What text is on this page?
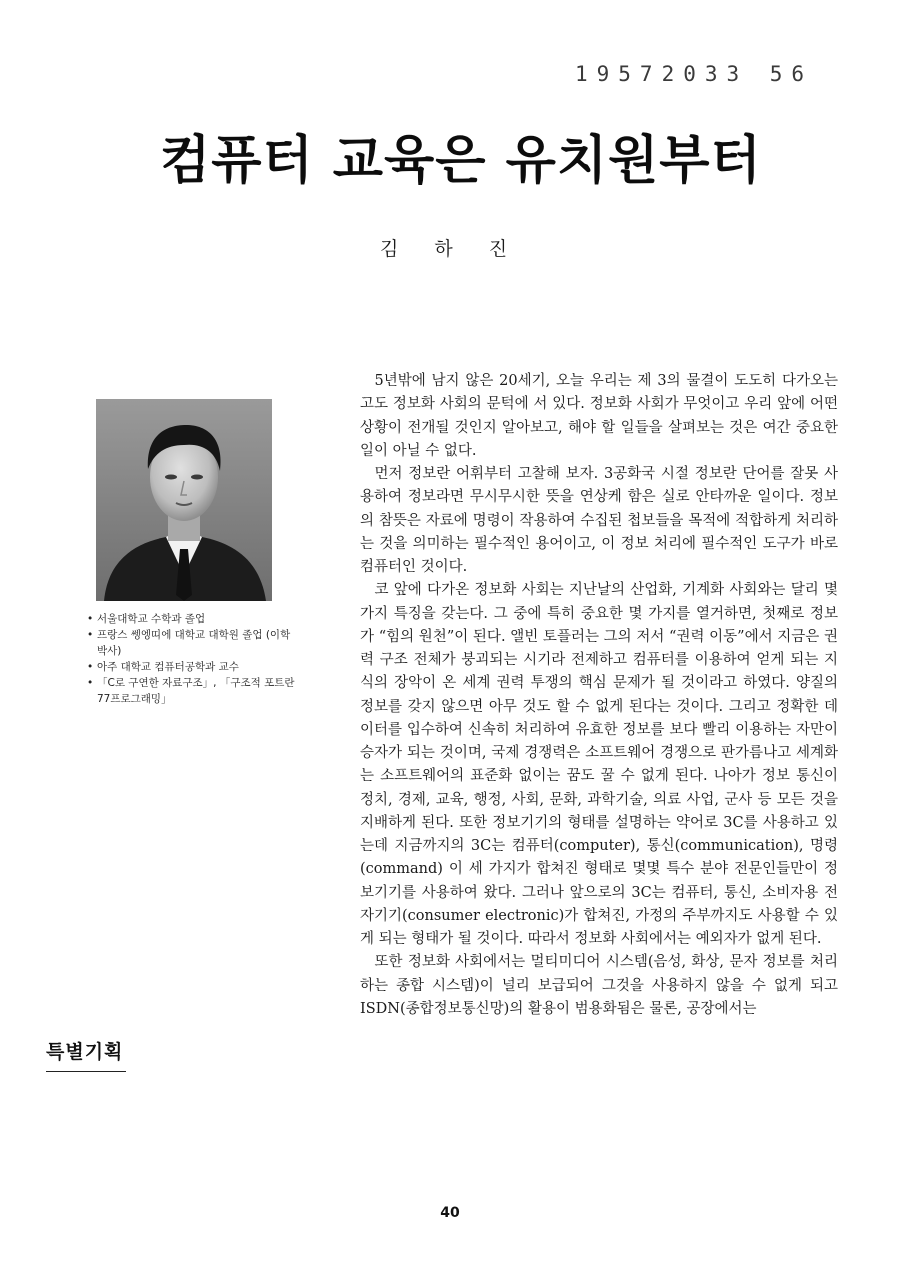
19572033 56
컴퓨터 교육은 유치원부터
김 하 진
• 서울대학교 수학과 졸업
• 프랑스 쎙엥띠에 대학교 대학원 졸업 (이학박사)
• 아주 대학교 컴퓨터공학과 교수
• 「C로 구연한 자료구조」, 「구조적 포트란 77프로그래밍」
특별기획

5년밖에 남지 않은 20세기, 오늘 우리는 제 3의 물결이 도도히 다가오는 고도 정보화 사회의 문턱에 서 있다. 정보화 사회가 무엇이고 우리 앞에 어떤 상황이 전개될 것인지 알아보고, 해야 할 일들을 살펴보는 것은 여간 중요한 일이 아닐 수 없다.

먼저 정보란 어휘부터 고찰해 보자. 3공화국 시절 정보란 단어를 잘못 사용하여 정보라면 무시무시한 뜻을 연상케 함은 실로 안타까운 일이다. 정보의 참뜻은 자료에 명령이 작용하여 수집된 첩보들을 목적에 적합하게 처리하는 것을 의미하는 필수적인 용어이고, 이 정보 처리에 필수적인 도구가 바로 컴퓨터인 것이다.

코 앞에 다가온 정보화 사회는 지난날의 산업화, 기계화 사회와는 달리 몇 가지 특징을 갖는다. 그 중에 특히 중요한 몇 가지를 열거하면, 첫째로 정보가 “힘의 원천”이 된다. 앨빈 토플러는 그의 저서 “권력 이동”에서 지금은 권력 구조 전체가 붕괴되는 시기라 전제하고 컴퓨터를 이용하여 얻게 되는 지식의 장악이 온 세계 권력 투쟁의 핵심 문제가 될 것이라고 하였다. 양질의 정보를 갖지 않으면 아무 것도 할 수 없게 된다는 것이다. 그리고 정확한 데이터를 입수하여 신속히 처리하여 유효한 정보를 보다 빨리 이용하는 자만이 승자가 되는 것이며, 국제 경쟁력은 소프트웨어 경쟁으로 판가름나고 세계화는 소프트웨어의 표준화 없이는 꿈도 꿀 수 없게 된다. 나아가 정보 통신이 정치, 경제, 교육, 행정, 사회, 문화, 과학기술, 의료 사업, 군사 등 모든 것을 지배하게 된다. 또한 정보기기의 형태를 설명하는 약어로 3C를 사용하고 있는데 지금까지의 3C는 컴퓨터(computer), 통신(communication), 명령(command) 이 세 가지가 합쳐진 형태로 몇몇 특수 분야 전문인들만이 정보기기를 사용하여 왔다. 그러나 앞으로의 3C는 컴퓨터, 통신, 소비자용 전자기기(consumer electronic)가 합쳐진, 가정의 주부까지도 사용할 수 있게 되는 형태가 될 것이다. 따라서 정보화 사회에서는 예외자가 없게 된다.

또한 정보화 사회에서는 멀티미디어 시스템(음성, 화상, 문자 정보를 처리하는 종합 시스템)이 널리 보급되어 그것을 사용하지 않을 수 없게 되고 ISDN(종합정보통신망)의 활용이 범용화됨은 물론, 공장에서는

40
